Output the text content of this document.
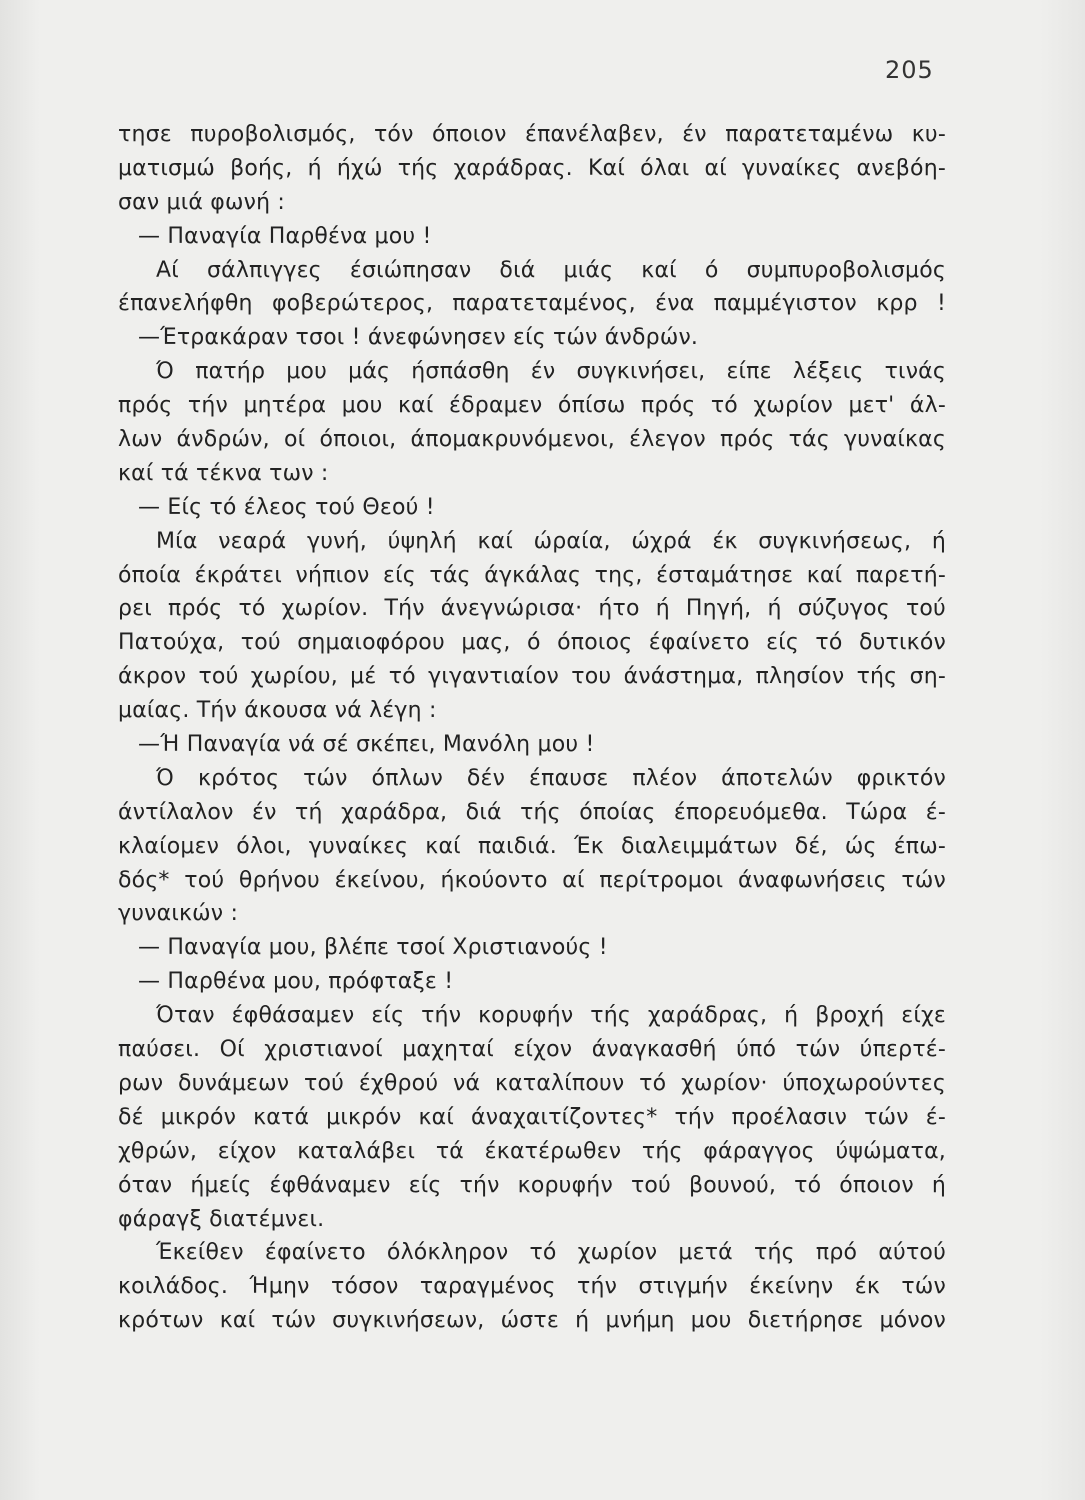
205
τησε πυροβολισμός, τόν όποιον έπανέλαβεν, έν παρατεταμένω κυ-
ματισμώ βοής, ή ήχώ τής χαράδρας. Καί όλαι αί γυναίκες ανεβόη-
σαν μιά φωνή :
— Παναγία Παρθένα μου !
Αί σάλπιγγες έσιώπησαν διά μιάς καί ό συμπυροβολισμός
έπανελήφθη φοβερώτερος, παρατεταμένος, ένα παμμέγιστον κρρ !
—Έτρακάραν τσοι ! άνεφώνησεν είς τών άνδρών.
Ό πατήρ μου μάς ήσπάσθη έν συγκινήσει, είπε λέξεις τινάς
πρός τήν μητέρα μου καί έδραμεν όπίσω πρός τό χωρίον μετ' άλ-
λων άνδρών, οί όποιοι, άπομακρυνόμενοι, έλεγον πρός τάς γυναίκας
καί τά τέκνα των :
— Είς τό έλεος τού Θεού !
Μία νεαρά γυνή, ύψηλή καί ώραία, ώχρά έκ συγκινήσεως, ή
όποία έκράτει νήπιον είς τάς άγκάλας της, έσταμάτησε καί παρετή-
ρει πρός τό χωρίον. Τήν άνεγνώρισα· ήτο ή Πηγή, ή σύζυγος τού
Πατούχα, τού σημαιοφόρου μας, ό όποιος έφαίνετο είς τό δυτικόν
άκρον τού χωρίου, μέ τό γιγαντιαίον του άνάστημα, πλησίον τής ση-
μαίας. Τήν άκουσα νά λέγη :
—Ή Παναγία νά σέ σκέπει, Μανόλη μου !
Ό κρότος τών όπλων δέν έπαυσε πλέον άποτελών φρικτόν
άντίλαλον έν τή χαράδρα, διά τής όποίας έπορευόμεθα. Τώρα έ-
κλαίομεν όλοι, γυναίκες καί παιδιά. Έκ διαλειμμάτων δέ, ώς έπω-
δός* τού θρήνου έκείνου, ήκούοντο αί περίτρομοι άναφωνήσεις τών
γυναικών :
— Παναγία μου, βλέπε τσοί Χριστιανούς !
— Παρθένα μου, πρόφταξε !
Όταν έφθάσαμεν είς τήν κορυφήν τής χαράδρας, ή βροχή είχε
παύσει. Οί χριστιανοί μαχηταί είχον άναγκασθή ύπό τών ύπερτέ-
ρων δυνάμεων τού έχθρού νά καταλίπουν τό χωρίον· ύποχωρούντες
δέ μικρόν κατά μικρόν καί άναχαιτίζοντες* τήν προέλασιν τών έ-
χθρών, είχον καταλάβει τά έκατέρωθεν τής φάραγγος ύψώματα,
όταν ήμείς έφθάναμεν είς τήν κορυφήν τού βουνού, τό όποιον ή
φάραγξ διατέμνει.
Έκείθεν έφαίνετο όλόκληρον τό χωρίον μετά τής πρό αύτού
κοιλάδος. Ήμην τόσον ταραγμένος τήν στιγμήν έκείνην έκ τών
κρότων καί τών συγκινήσεων, ώστε ή μνήμη μου διετήρησε μόνον
